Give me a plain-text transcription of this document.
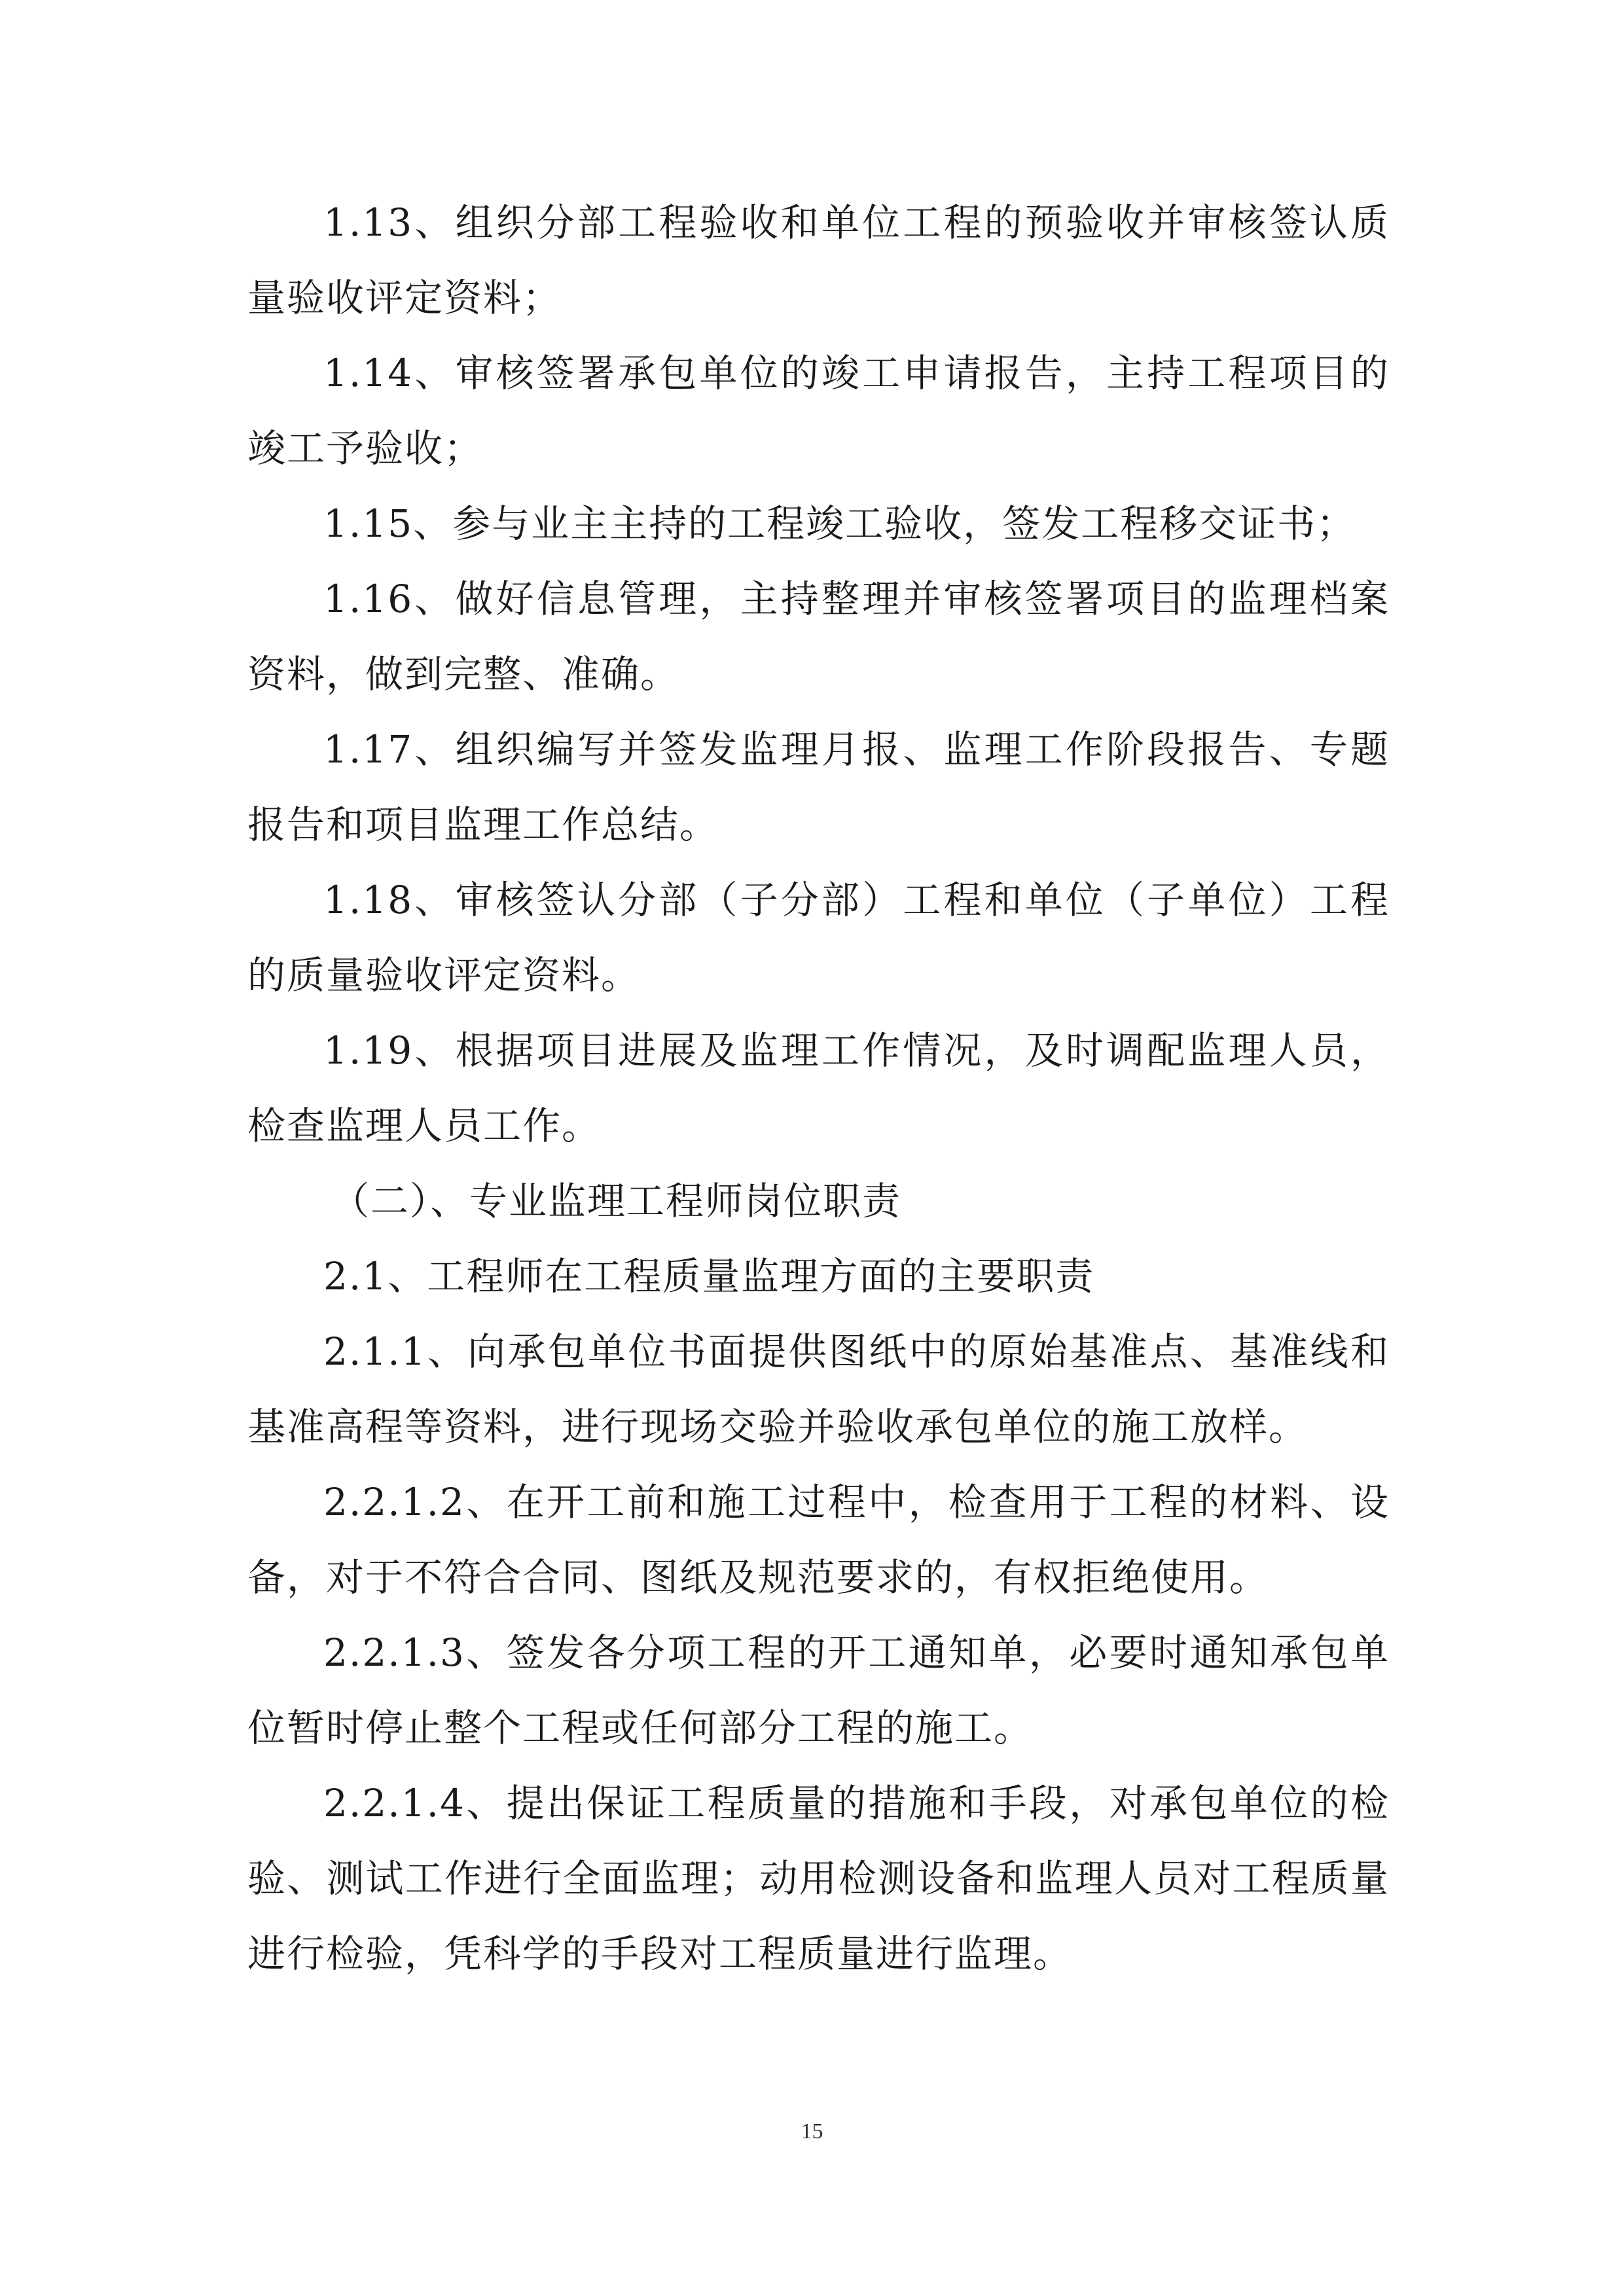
1.13、组织分部工程验收和单位工程的预验收并审核签认质量验收评定资料；

1.14、审核签署承包单位的竣工申请报告，主持工程项目的竣工予验收；

1.15、参与业主主持的工程竣工验收，签发工程移交证书；

1.16、做好信息管理，主持整理并审核签署项目的监理档案资料，做到完整、准确。

1.17、组织编写并签发监理月报、监理工作阶段报告、专题报告和项目监理工作总结。

1.18、审核签认分部（子分部）工程和单位（子单位）工程的质量验收评定资料。

1.19、根据项目进展及监理工作情况，及时调配监理人员，检查监理人员工作。

（二）、专业监理工程师岗位职责

2.1、工程师在工程质量监理方面的主要职责

2.1.1、向承包单位书面提供图纸中的原始基准点、基准线和基准高程等资料，进行现场交验并验收承包单位的施工放样。

2.2.1.2、在开工前和施工过程中，检查用于工程的材料、设备，对于不符合合同、图纸及规范要求的，有权拒绝使用。

2.2.1.3、签发各分项工程的开工通知单，必要时通知承包单位暂时停止整个工程或任何部分工程的施工。

2.2.1.4、提出保证工程质量的措施和手段，对承包单位的检验、测试工作进行全面监理；动用检测设备和监理人员对工程质量进行检验，凭科学的手段对工程质量进行监理。

15
